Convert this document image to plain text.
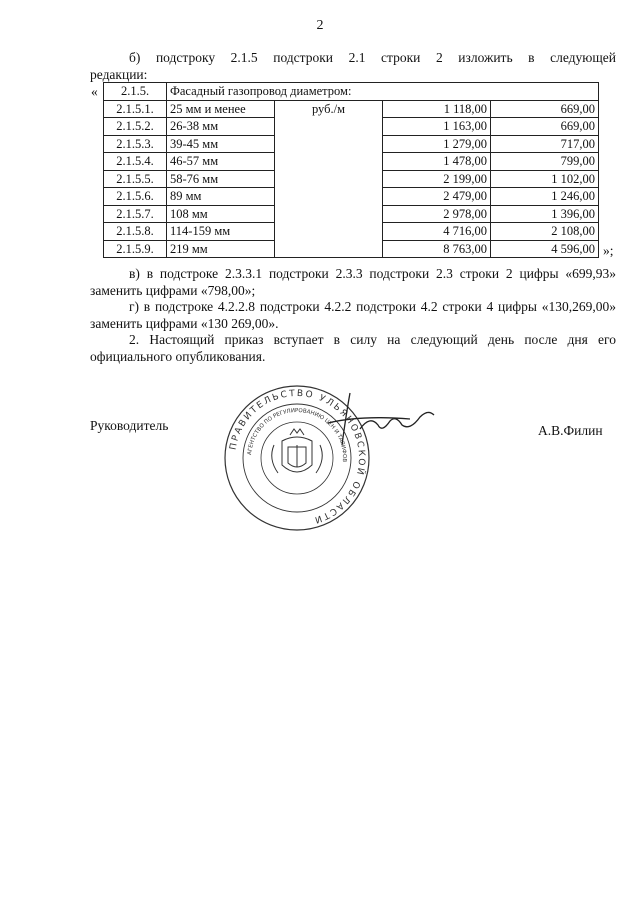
2
б) подстроку 2.1.5 подстроки 2.1 строки 2 изложить в следующей
редакции:
« 2.1.5.	Фасадный газопровод диаметром:			
2.1.5.1.	25 мм и менее	руб./м	1 118,00	669,00
2.1.5.2.	26-38 мм		1 163,00	669,00
2.1.5.3.	39-45 мм		1 279,00	717,00
2.1.5.4.	46-57 мм		1 478,00	799,00
2.1.5.5.	58-76 мм		2 199,00	1 102,00
2.1.5.6.	89 мм		2 479,00	1 246,00
2.1.5.7.	108 мм		2 978,00	1 396,00
2.1.5.8.	114-159 мм		4 716,00	2 108,00
2.1.5.9.	219 мм		8 763,00	4 596,00 »;
в) в подстроке 2.3.3.1 подстроки 2.3.3 подстроки 2.3 строки 2 цифры «699,93» заменить цифрами «798,00»;
г) в подстроке 4.2.2.8 подстроки 4.2.2 подстроки 4.2 строки 4 цифры «130,269,00» заменить цифрами «130 269,00».
2. Настоящий приказ вступает в силу на следующий день после дня его официального опубликования.
Руководитель
ПРАВИТЕЛЬСТВО УЛЬЯНОВСКОЙ ОБЛАСТИ
АГЕНТСТВО ПО РЕГУЛИРОВАНИЮ ЦЕН И ТАРИФОВ
А.В.Филин
